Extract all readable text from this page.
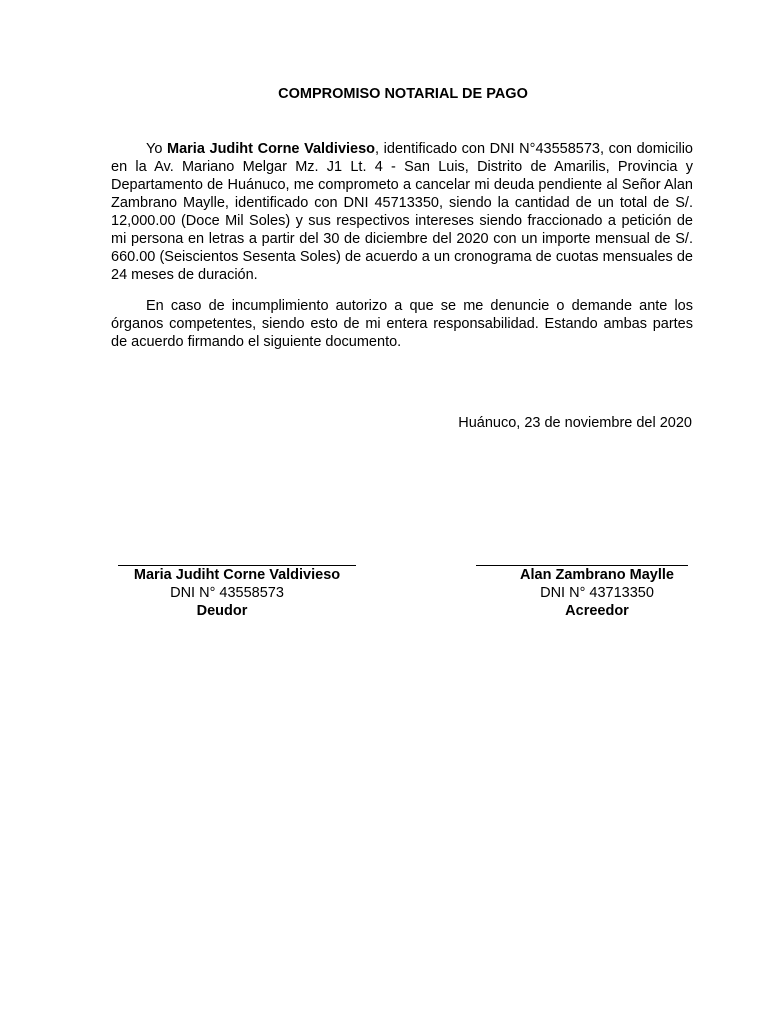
COMPROMISO NOTARIAL DE PAGO

Yo Maria Judiht Corne Valdivieso, identificado con DNI N°43558573, con domicilio en la Av. Mariano Melgar Mz. J1 Lt. 4 - San Luis, Distrito de Amarilis, Provincia y Departamento de Huánuco, me comprometo a cancelar mi deuda pendiente al Señor Alan Zambrano Maylle, identificado con DNI 45713350, siendo la cantidad de un total de S/. 12,000.00 (Doce Mil Soles) y sus respectivos intereses siendo fraccionado a petición de mi persona en letras a partir del 30 de diciembre del 2020 con un importe mensual de S/. 660.00 (Seiscientos Sesenta Soles) de acuerdo a un cronograma de cuotas mensuales de 24 meses de duración.

En caso de incumplimiento autorizo a que se me denuncie o demande ante los órganos competentes, siendo esto de mi entera responsabilidad. Estando ambas partes de acuerdo firmando el siguiente documento.

Huánuco, 23 de noviembre del 2020
Maria Judiht Corne Valdivieso
DNI N° 43558573
Deudor
Alan Zambrano Maylle
DNI N° 43713350
Acreedor
